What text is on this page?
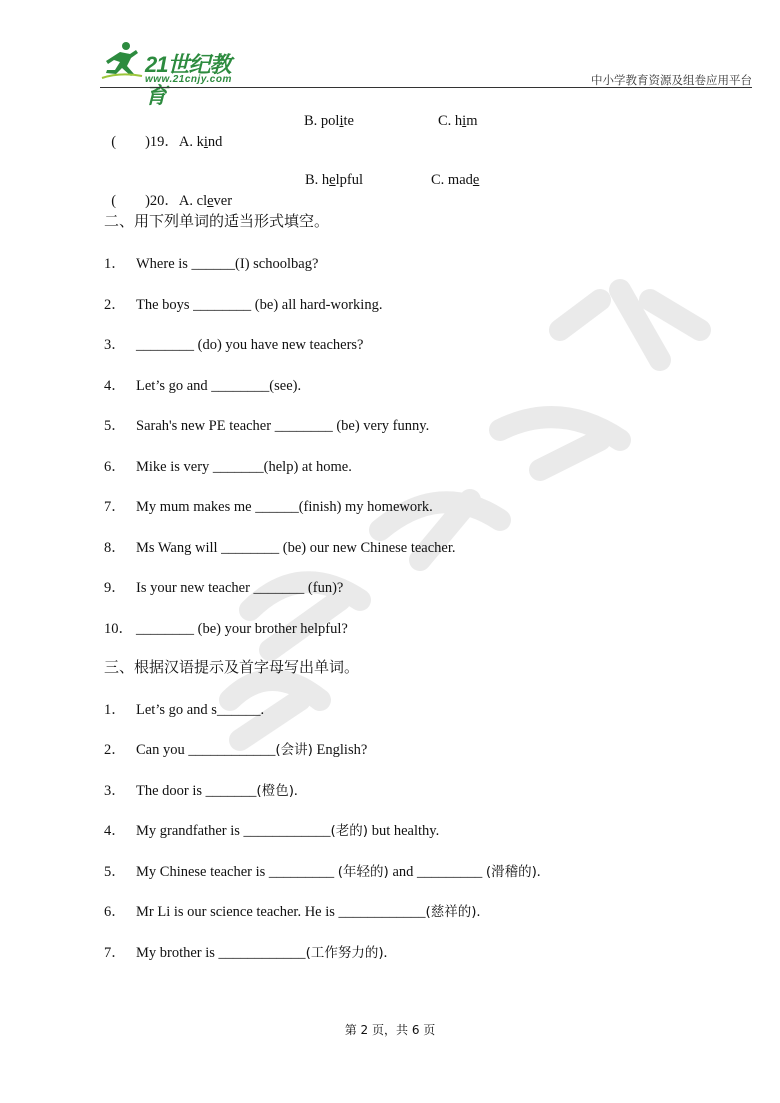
21世纪教育
www.21cnjy.com	中小学教育资源及组卷应用平台

(　　)19．A. kind

B. polite

	C. him

(　　)20．A. clever

B. helpful

	C. made

二、用下列单词的适当形式填空。
1． Where is ______(I) schoolbag?
2． The boys ________ (be) all hard-working.
3． ________ (do) you have new teachers?
4． Let’s go and ________(see).
5． Sarah's new PE teacher ________ (be) very funny.
6． Mike is very _______(help) at home.
7． My mum makes me ______(finish) my homework.
8． Ms Wang will ________ (be) our new Chinese teacher.
9． Is your new teacher _______ (fun)?
10． ________ (be) your brother helpful?
三、根据汉语提示及首字母写出单词。
1． Let’s go and s______.
2． Can you ____________(会讲) English?
3． The door is _______(橙色).
4． My grandfather is ____________(老的) but healthy.
5． My Chinese teacher is _________ (年轻的) and _________ (滑稽的).
6． Mr Li is our science teacher. He is ____________(慈祥的).
7． My brother is ____________(工作努力的).
第 2 页，共 6 页
